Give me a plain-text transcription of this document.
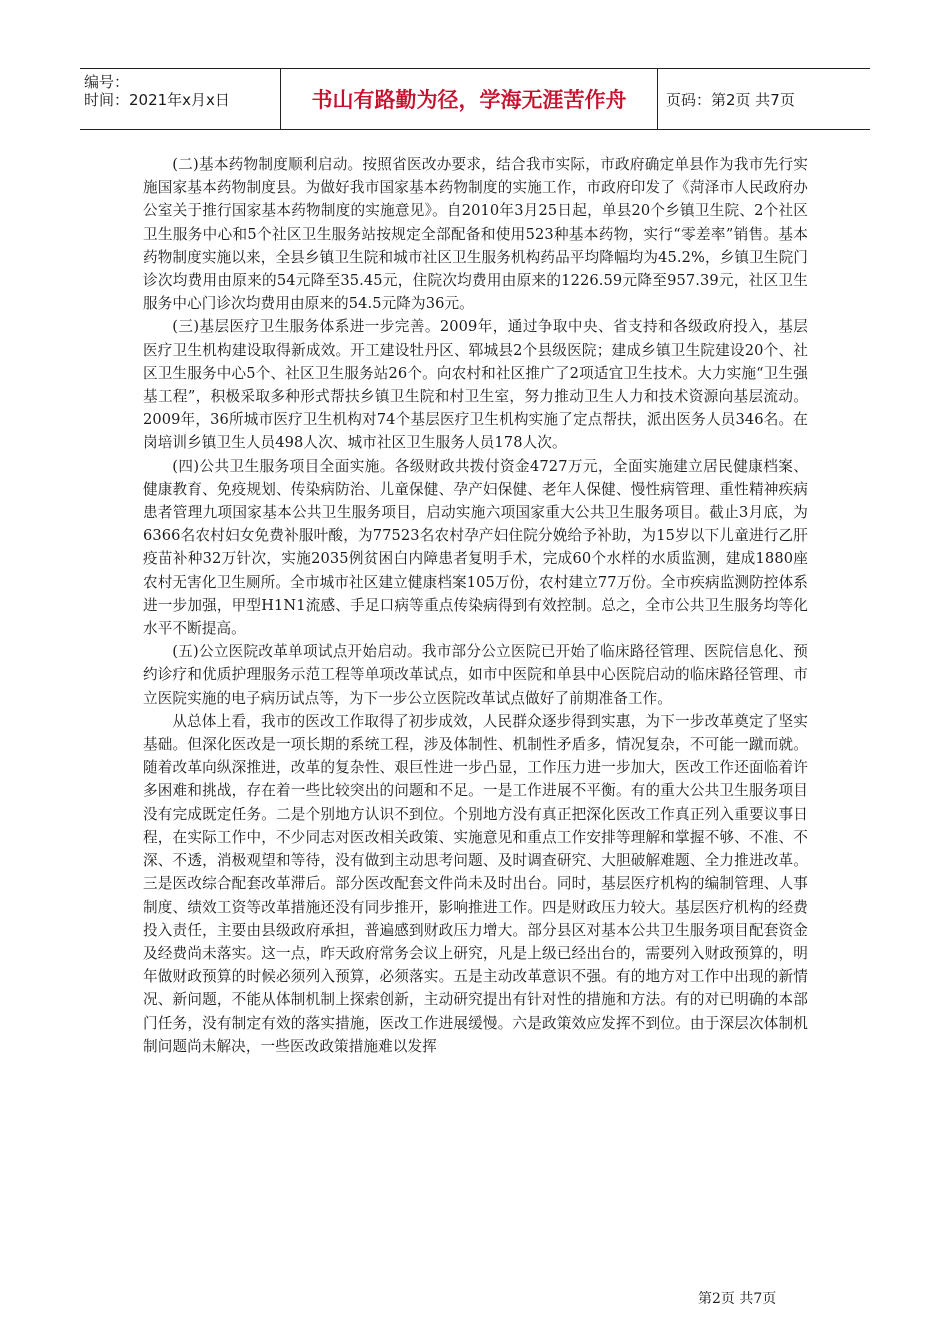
编号：
时间：2021年x月x日	书山有路勤为径，学海无涯苦作舟	页码：第2页 共7页

(二)基本药物制度顺利启动。按照省医改办要求，结合我市实际，市政府确定单县作为我市先行实施国家基本药物制度县。为做好我市国家基本药物制度的实施工作，市政府印发了《菏泽市人民政府办公室关于推行国家基本药物制度的实施意见》。自2010年3月25日起，单县20个乡镇卫生院、2个社区卫生服务中心和5个社区卫生服务站按规定全部配备和使用523种基本药物，实行“零差率”销售。基本药物制度实施以来，全县乡镇卫生院和城市社区卫生服务机构药品平均降幅均为45.2%，乡镇卫生院门诊次均费用由原来的54元降至35.45元，住院次均费用由原来的1226.59元降至957.39元，社区卫生服务中心门诊次均费用由原来的54.5元降为36元。

(三)基层医疗卫生服务体系进一步完善。2009年，通过争取中央、省支持和各级政府投入，基层医疗卫生机构建设取得新成效。开工建设牡丹区、郓城县2个县级医院；建成乡镇卫生院建设20个、社区卫生服务中心5个、社区卫生服务站26个。向农村和社区推广了2项适宜卫生技术。大力实施“卫生强基工程”，积极采取多种形式帮扶乡镇卫生院和村卫生室，努力推动卫生人力和技术资源向基层流动。2009年，36所城市医疗卫生机构对74个基层医疗卫生机构实施了定点帮扶，派出医务人员346名。在岗培训乡镇卫生人员498人次、城市社区卫生服务人员178人次。

(四)公共卫生服务项目全面实施。各级财政共拨付资金4727万元，全面实施建立居民健康档案、健康教育、免疫规划、传染病防治、儿童保健、孕产妇保健、老年人保健、慢性病管理、重性精神疾病患者管理九项国家基本公共卫生服务项目，启动实施六项国家重大公共卫生服务项目。截止3月底，为6366名农村妇女免费补服叶酸，为77523名农村孕产妇住院分娩给予补助，为15岁以下儿童进行乙肝疫苗补种32万针次，实施2035例贫困白内障患者复明手术，完成60个水样的水质监测，建成1880座农村无害化卫生厕所。全市城市社区建立健康档案105万份，农村建立77万份。全市疾病监测防控体系进一步加强，甲型H1N1流感、手足口病等重点传染病得到有效控制。总之，全市公共卫生服务均等化水平不断提高。

(五)公立医院改革单项试点开始启动。我市部分公立医院已开始了临床路径管理、医院信息化、预约诊疗和优质护理服务示范工程等单项改革试点，如市中医院和单县中心医院启动的临床路径管理、市立医院实施的电子病历试点等，为下一步公立医院改革试点做好了前期准备工作。

从总体上看，我市的医改工作取得了初步成效，人民群众逐步得到实惠，为下一步改革奠定了坚实基础。但深化医改是一项长期的系统工程，涉及体制性、机制性矛盾多，情况复杂，不可能一蹴而就。随着改革向纵深推进，改革的复杂性、艰巨性进一步凸显，工作压力进一步加大，医改工作还面临着许多困难和挑战，存在着一些比较突出的问题和不足。一是工作进展不平衡。有的重大公共卫生服务项目没有完成既定任务。二是个别地方认识不到位。个别地方没有真正把深化医改工作真正列入重要议事日程，在实际工作中，不少同志对医改相关政策、实施意见和重点工作安排等理解和掌握不够、不准、不深、不透，消极观望和等待，没有做到主动思考问题、及时调查研究、大胆破解难题、全力推进改革。三是医改综合配套改革滞后。部分医改配套文件尚未及时出台。同时，基层医疗机构的编制管理、人事制度、绩效工资等改革措施还没有同步推开，影响推进工作。四是财政压力较大。基层医疗机构的经费投入责任，主要由县级政府承担，普遍感到财政压力增大。部分县区对基本公共卫生服务项目配套资金及经费尚未落实。这一点，昨天政府常务会议上研究，凡是上级已经出台的，需要列入财政预算的，明年做财政预算的时候必须列入预算，必须落实。五是主动改革意识不强。有的地方对工作中出现的新情况、新问题，不能从体制机制上探索创新，主动研究提出有针对性的措施和方法。有的对已明确的本部门任务，没有制定有效的落实措施，医改工作进展缓慢。六是政策效应发挥不到位。由于深层次体制机制问题尚未解决，一些医改政策措施难以发挥

第2页 共7页
